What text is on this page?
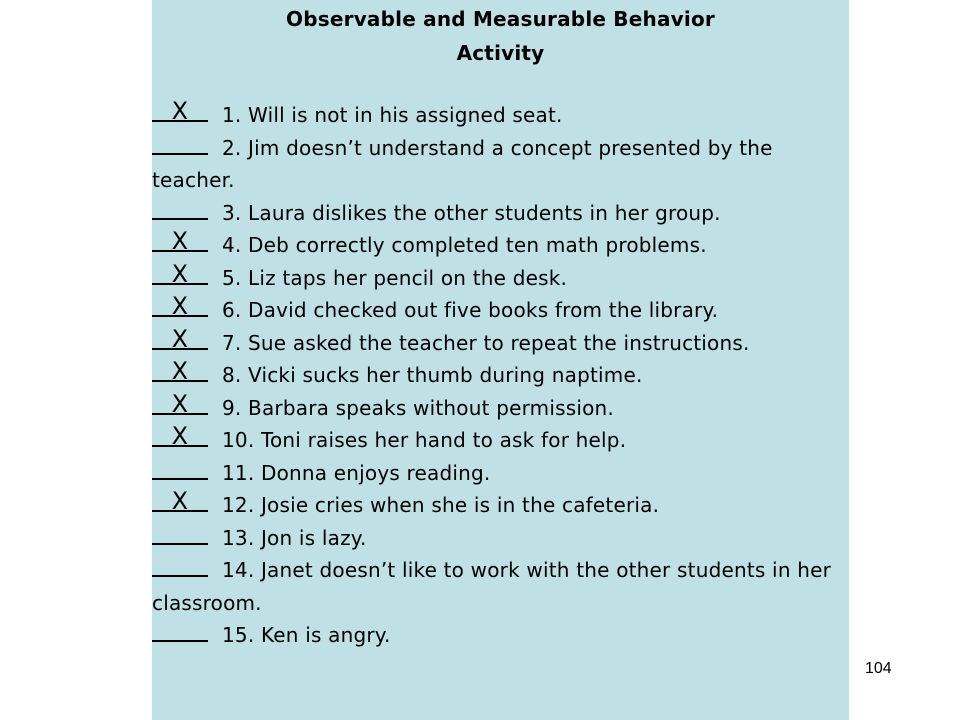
Observable and Measurable Behavior
Activity
X	1. Will is not in his assigned seat.
2. Jim doesn’t understand a concept presented by the teacher.
3. Laura dislikes the other students in her group.
X	4. Deb correctly completed ten math problems.
X	5. Liz taps her pencil on the desk.
X	6. David checked out five books from the library.
X	7. Sue asked the teacher to repeat the instructions.
X	8. Vicki sucks her thumb during naptime.
X	9. Barbara speaks without permission.
X	10. Toni raises her hand to ask for help.
11. Donna enjoys reading.
X	12. Josie cries when she is in the cafeteria.
13. Jon is lazy.
14. Janet doesn’t like to work with the other students in her classroom.
15. Ken is angry.
104
